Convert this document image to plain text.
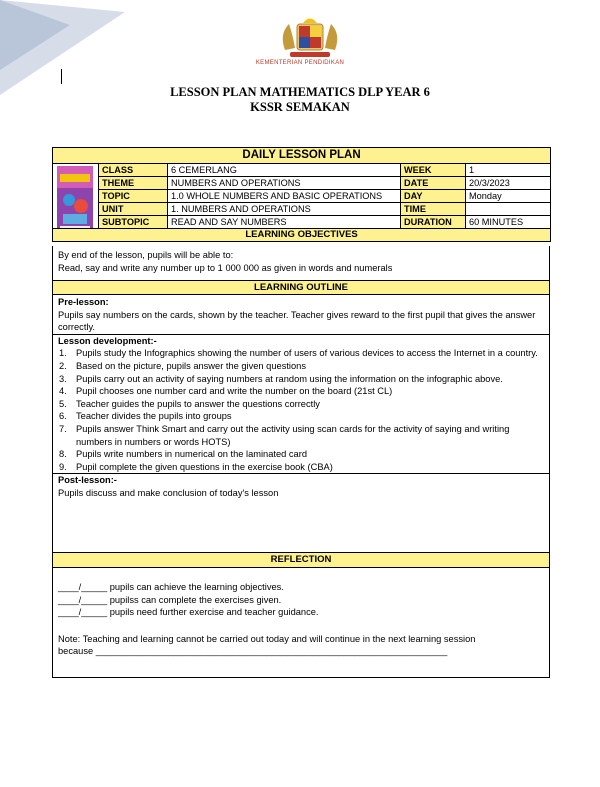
KEMENTERIAN PENDIDIKAN
LESSON PLAN MATHEMATICS DLP YEAR 6
KSSR SEMAKAN
DAILY LESSON PLAN				

	CLASS	6 CEMERLANG	WEEK	1
	THEME	NUMBERS AND OPERATIONS	DATE	20/3/2023
	TOPIC	1.0 WHOLE NUMBERS AND BASIC OPERATIONS	DAY	Monday
	UNIT	1. NUMBERS AND OPERATIONS	TIME	
	SUBTOPIC	READ AND SAY NUMBERS	DURATION	60 MINUTES
LEARNING OBJECTIVES				
By end of the lesson, pupils will be able to:
Read, say and write any number up to 1 000 000 as given in words and numerals
LEARNING OUTLINE
Pre-lesson:
Pupils say numbers on the cards, shown by the teacher. Teacher gives reward to the first pupil that gives the answer correctly.
Lesson development:-
1. Pupils study the Infographics showing the number of users of various devices to access the Internet in a country.
2. Based on the picture, pupils answer the given questions
3. Pupils carry out an activity of saying numbers at random using the information on the infographic above.
4. Pupil chooses one number card and write the number on the board (21st CL)
5. Teacher guides the pupils to answer the questions correctly
6. Teacher divides the pupils into groups
7. Pupils answer Think Smart and carry out the activity using scan cards for the activity of saying and writing numbers in numbers or words HOTS)
8. Pupils write numbers in numerical on the laminated card
9. Pupil complete the given questions in the exercise book (CBA)
Post-lesson:-
Pupils discuss and make conclusion of today's lesson
REFLECTION
____/_____ pupils can achieve the learning objectives.
____/_____ pupilss can complete the exercises given.
____/_____ pupils need further exercise and teacher guidance.
Note: Teaching and learning cannot be carried out today and will continue in the next learning session
because ____________________________________________________________________
